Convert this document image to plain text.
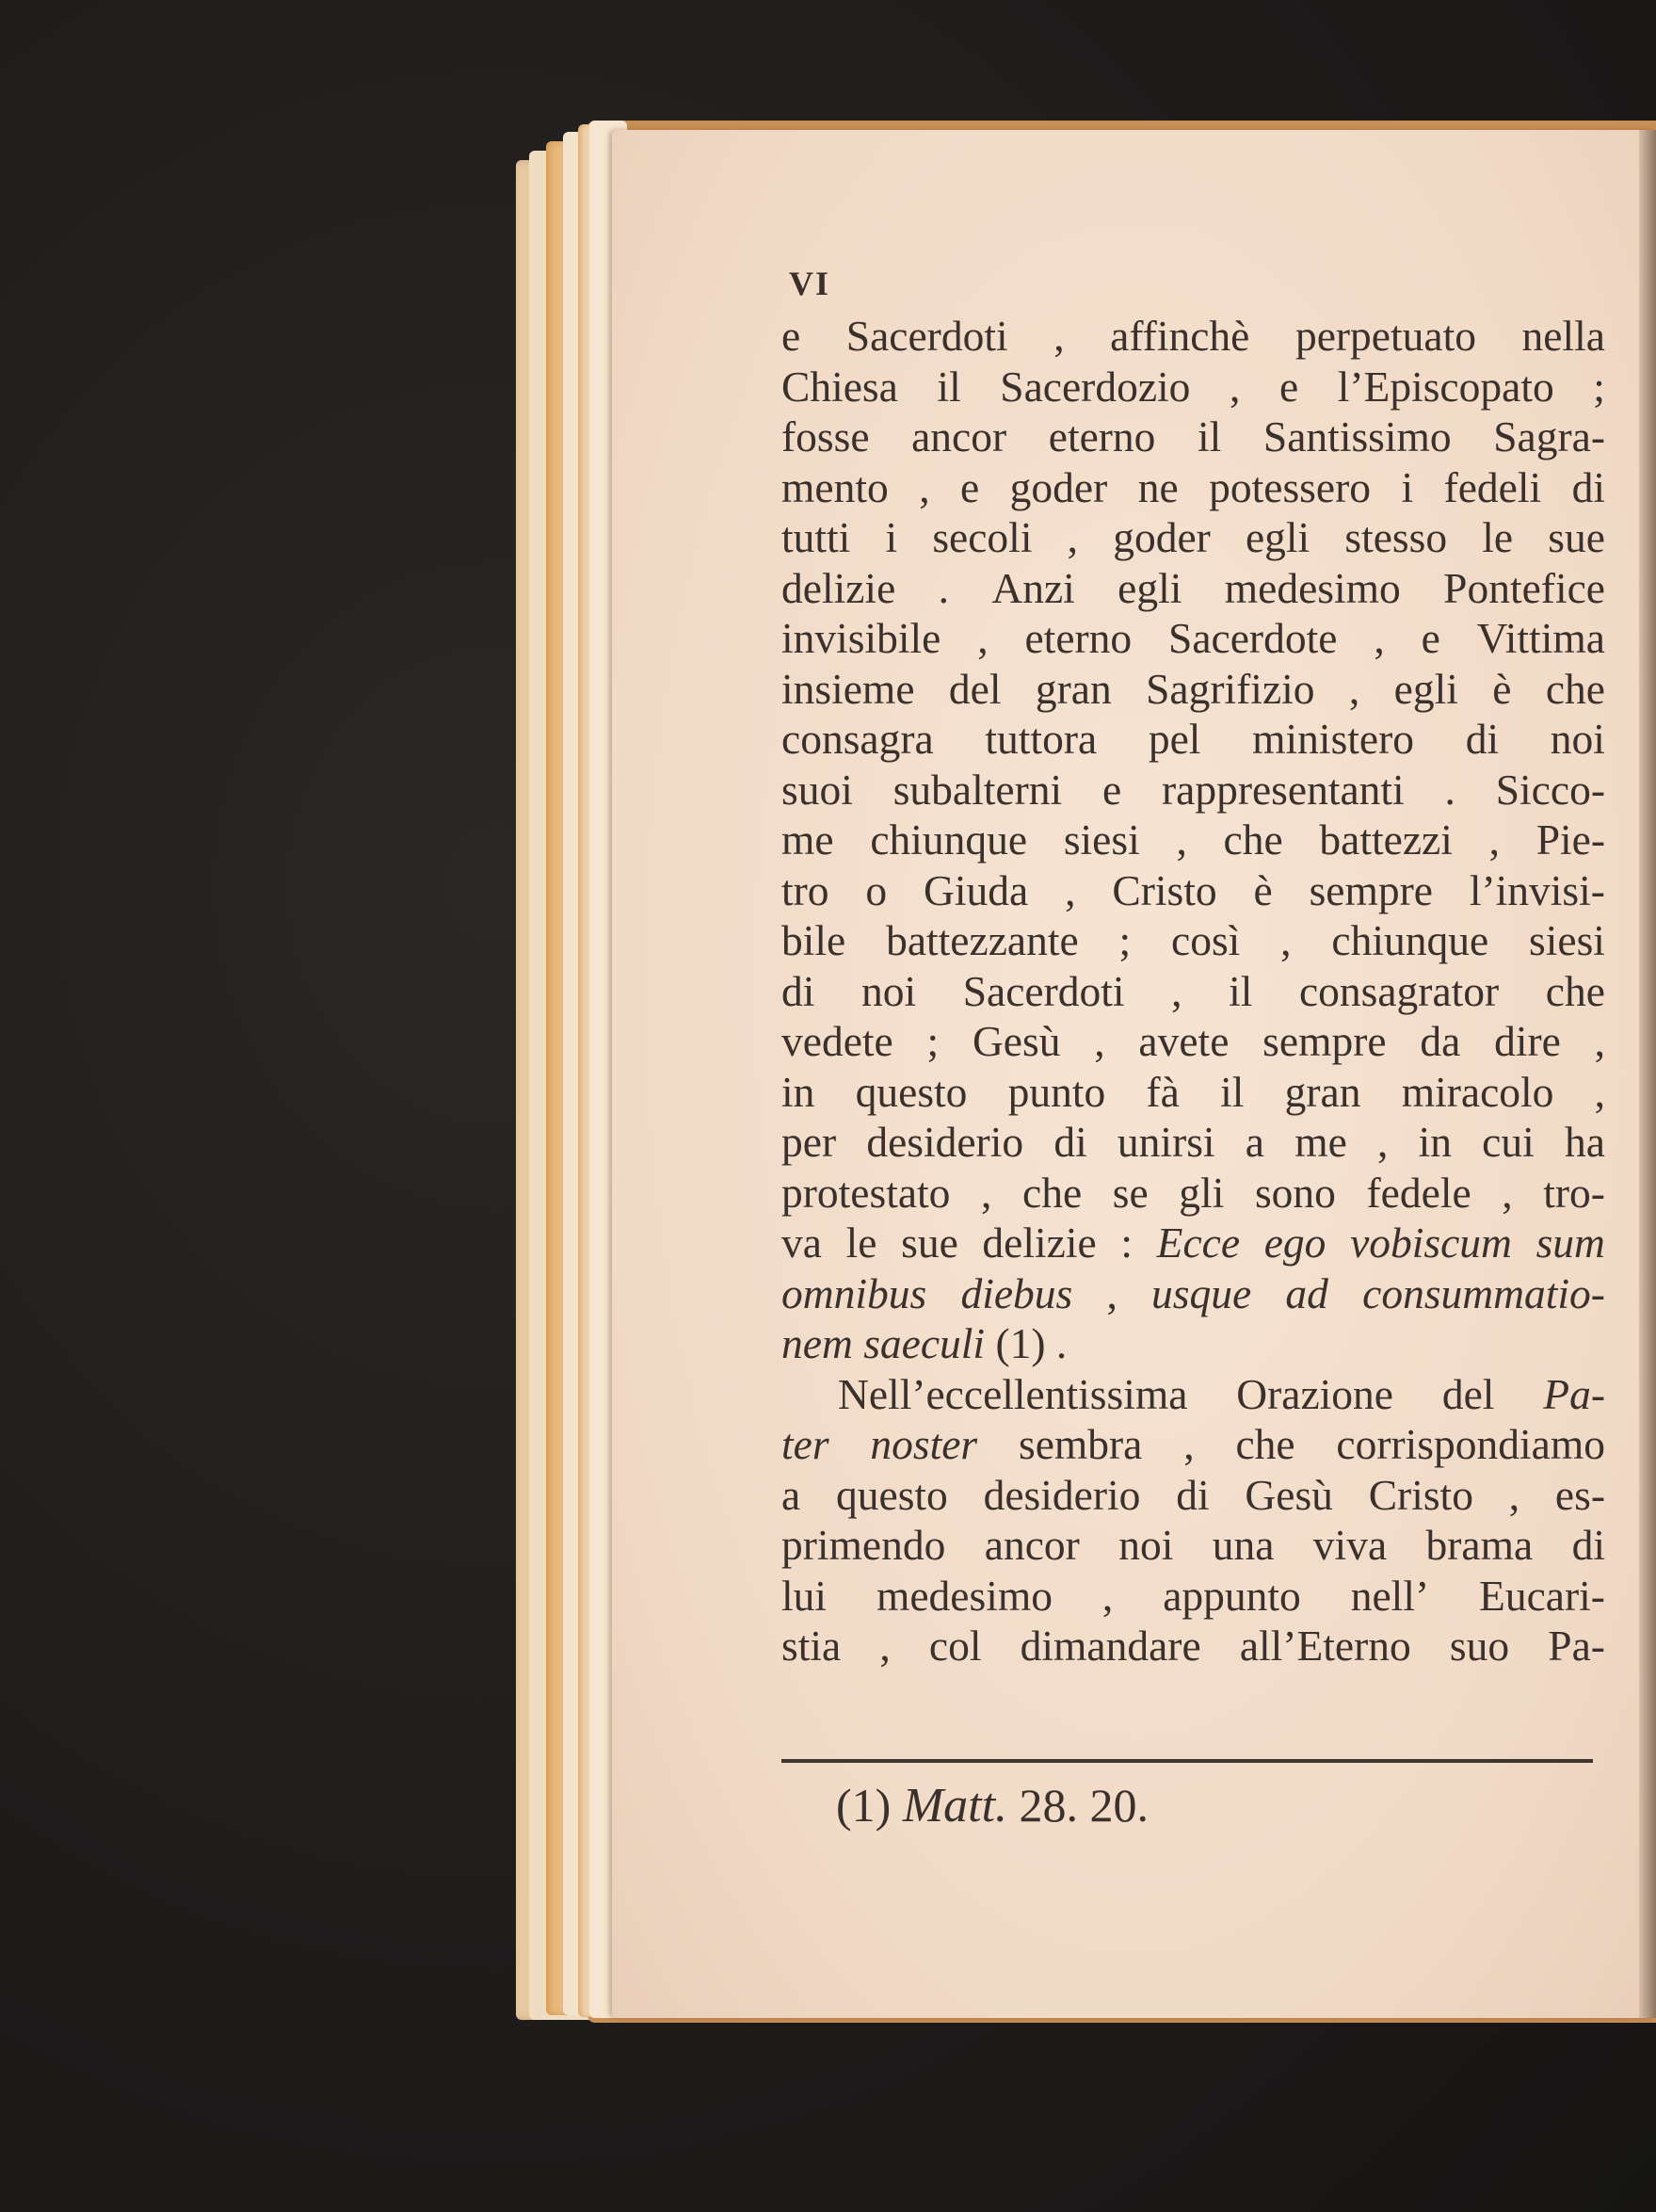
VI
e Sacerdoti , affinchè perpetuato nella
Chiesa il Sacerdozio , e l’Episcopato ;
fosse ancor eterno il Santissimo Sagra-
mento , e goder ne potessero i fedeli di
tutti i secoli , goder egli stesso le sue
delizie . Anzi egli medesimo Pontefice
invisibile , eterno Sacerdote , e Vittima
insieme del gran Sagrifizio , egli è che
consagra tuttora pel ministero di noi
suoi subalterni e rappresentanti . Sicco-
me chiunque siesi , che battezzi , Pie-
tro o Giuda , Cristo è sempre l’invisi-
bile battezzante ; così , chiunque siesi
di noi Sacerdoti , il consagrator che
vedete ; Gesù , avete sempre da dire ,
in questo punto fà il gran miracolo ,
per desiderio di unirsi a me , in cui ha
protestato , che se gli sono fedele , tro-
va le sue delizie : Ecce ego vobiscum sum
omnibus diebus , usque ad consummatio-
nem saeculi (1) .
Nell’eccellentissima Orazione del Pa-
ter noster sembra , che corrispondiamo
a questo desiderio di Gesù Cristo , es-
primendo ancor noi una viva brama di
lui medesimo , appunto nell’ Eucari-
stia , col dimandare all’Eterno suo Pa-
(1) Matt. 28. 20.
